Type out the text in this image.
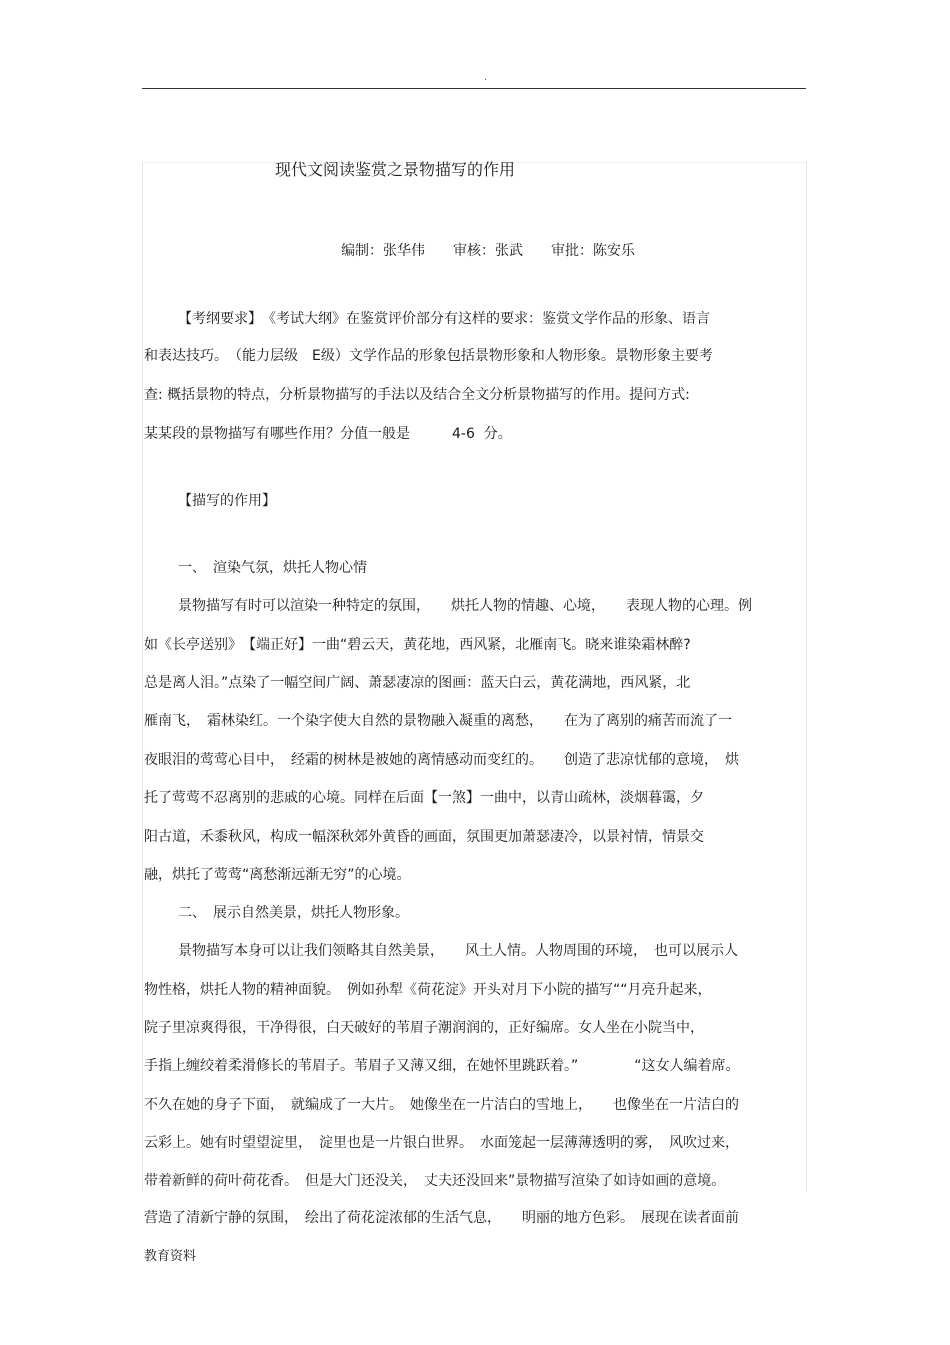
.
现代文阅读鉴赏之景物描写的作用
编制：张华伟　　审核：张武　　审批：陈安乐
【考纲要求】　《考试大纲》在鉴赏评价部分有这样的要求：鉴赏文学作品的形象、语言
和表达技巧。　（能力层级　E级）文学作品的形象包括景物形象和人物形象。景物形象主要考
查: 概括景物的特点，分析景物描写的手法以及结合全文分析景物描写的作用。提问方式:
某某段的景物描写有哪些作用？分值一般是　　　4-6  分。
【描写的作用】
一、　渲染气氛，烘托人物心情
景物描写有时可以渲染一种特定的氛围，　　烘托人物的情趣、心境，　　表现人物的心理。例
如《长亭送别》　【端正好】一曲“碧云天，黄花地，西风紧，北雁南飞。晓来谁染霜林醉?
总是离人泪。”点染了一幅空间广阔、萧瑟凄凉的图画：蓝天白云，黄花满地，西风紧，北
雁南飞，　霜林染红。一个染字使大自然的景物融入凝重的离愁，　　在为了离别的痛苦而流了一
夜眼泪的莺莺心目中，　经霜的树林是被她的离情感动而变红的。　　创造了悲凉忧郁的意境，　烘
托了莺莺不忍离别的悲戚的心境。同样在后面【一煞】一曲中，以青山疏林，淡烟暮霭，夕
阳古道，禾黍秋风，构成一幅深秋郊外黄昏的画面，氛围更加萧瑟凄冷，以景衬情，情景交
融，烘托了莺莺“离愁渐远渐无穷”的心境。
二、　展示自然美景，烘托人物形象。
景物描写本身可以让我们领略其自然美景，　　风土人情。人物周围的环境，　也可以展示人
物性格，烘托人物的精神面貌。　例如孙犁《荷花淀》开头对月下小院的描写““月亮升起来，
院子里凉爽得很，干净得很，白天破好的苇眉子潮润润的，正好编席。女人坐在小院当中，
手指上缠绞着柔滑修长的苇眉子。苇眉子又薄又细，在她怀里跳跃着。”　　　　“这女人编着席。
不久在她的身子下面，　就编成了一大片。　她像坐在一片洁白的雪地上，　　也像坐在一片洁白的
云彩上。她有时望望淀里，　淀里也是一片银白世界。　水面笼起一层薄薄透明的雾，　风吹过来，
带着新鲜的荷叶荷花香。　但是大门还没关，　丈夫还没回来”景物描写渲染了如诗如画的意境。
营造了清新宁静的氛围，　绘出了荷花淀浓郁的生活气息，　　明丽的地方色彩。　展现在读者面前
教育资料
